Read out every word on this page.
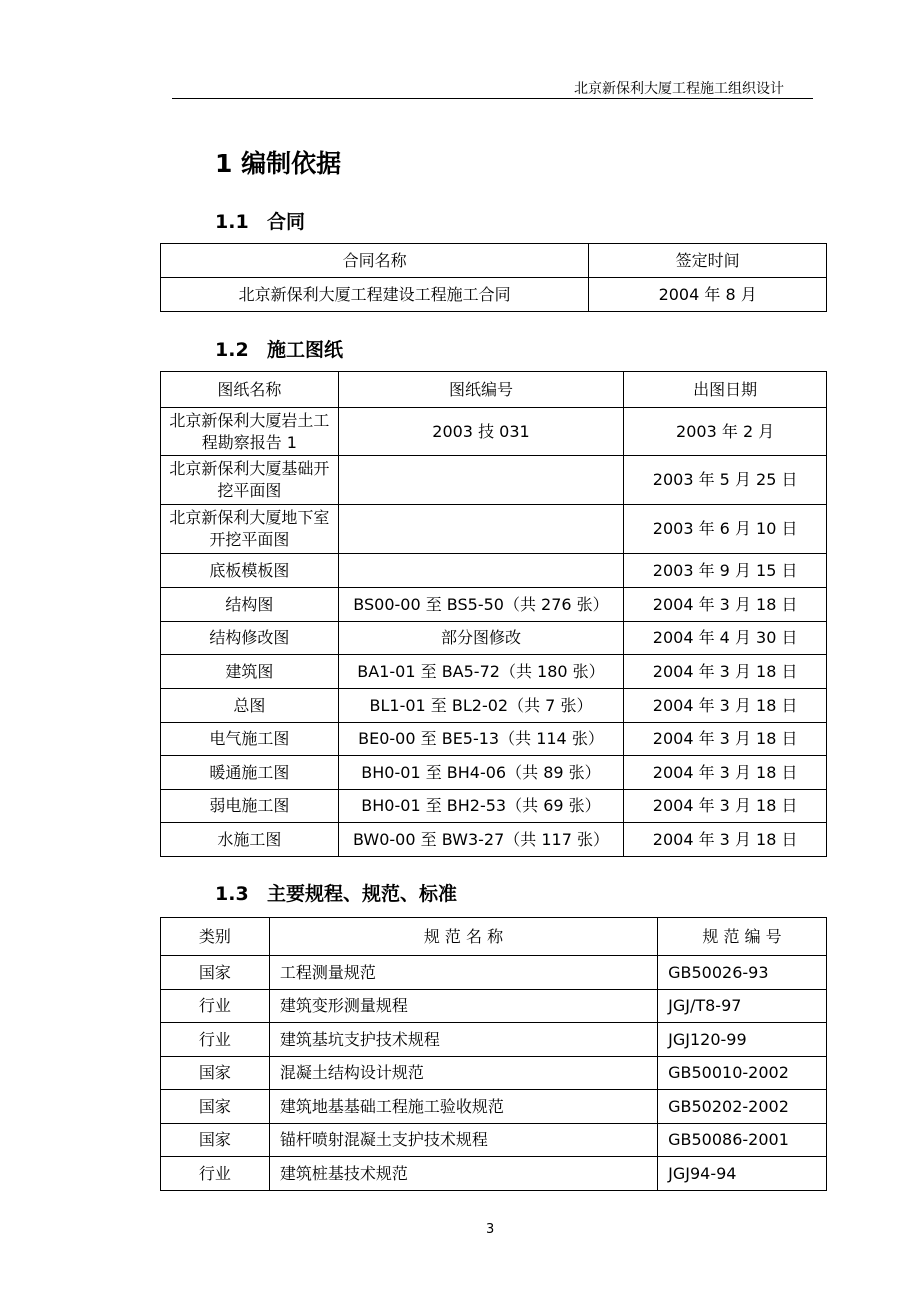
北京新保利大厦工程施工组织设计
1 编制依据
1.1 合同
合同名称	签定时间
北京新保利大厦工程建设工程施工合同	2004 年 8 月
1.2 施工图纸
图纸名称	图纸编号	出图日期
北京新保利大厦岩土工程勘察报告 1	2003 技 031	2003 年 2 月
北京新保利大厦基础开挖平面图		2003 年 5 月 25 日
北京新保利大厦地下室开挖平面图		2003 年 6 月 10 日
底板模板图		2003 年 9 月 15 日
结构图	BS00-00 至 BS5-50（共 276 张）	2004 年 3 月 18 日
结构修改图	部分图修改	2004 年 4 月 30 日
建筑图	BA1-01 至 BA5-72（共 180 张）	2004 年 3 月 18 日
总图	BL1-01 至 BL2-02（共 7 张）	2004 年 3 月 18 日
电气施工图	BE0-00 至 BE5-13（共 114 张）	2004 年 3 月 18 日
暖通施工图	BH0-01 至 BH4-06（共 89 张）	2004 年 3 月 18 日
弱电施工图	BH0-01 至 BH2-53（共 69 张）	2004 年 3 月 18 日
水施工图	BW0-00 至 BW3-27（共 117 张）	2004 年 3 月 18 日
1.3 主要规程、规范、标准
类别	规 范 名 称	规 范 编 号
国家	工程测量规范	GB50026-93
行业	建筑变形测量规程	JGJ/T8-97
行业	建筑基坑支护技术规程	JGJ120-99
国家	混凝土结构设计规范	GB50010-2002
国家	建筑地基基础工程施工验收规范	GB50202-2002
国家	锚杆喷射混凝土支护技术规程	GB50086-2001
行业	建筑桩基技术规范	JGJ94-94
3
